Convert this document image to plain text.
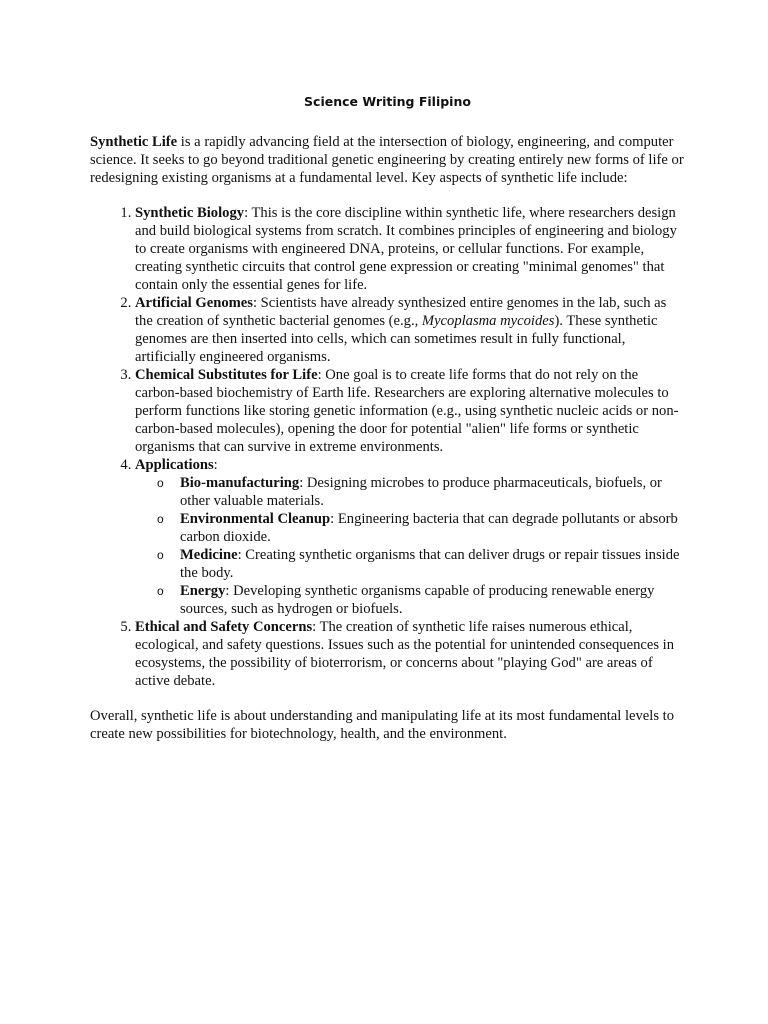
Science Writing Filipino

Synthetic Life is a rapidly advancing field at the intersection of biology, engineering, and computer science. It seeks to go beyond traditional genetic engineering by creating entirely new forms of life or redesigning existing organisms at a fundamental level. Key aspects of synthetic life include:

1. Synthetic Biology: This is the core discipline within synthetic life, where researchers design and build biological systems from scratch. It combines principles of engineering and biology to create organisms with engineered DNA, proteins, or cellular functions. For example, creating synthetic circuits that control gene expression or creating "minimal genomes" that contain only the essential genes for life.
2. Artificial Genomes: Scientists have already synthesized entire genomes in the lab, such as the creation of synthetic bacterial genomes (e.g., Mycoplasma mycoides). These synthetic genomes are then inserted into cells, which can sometimes result in fully functional, artificially engineered organisms.
3. Chemical Substitutes for Life: One goal is to create life forms that do not rely on the carbon-based biochemistry of Earth life. Researchers are exploring alternative molecules to perform functions like storing genetic information (e.g., using synthetic nucleic acids or non-carbon-based molecules), opening the door for potential "alien" life forms or synthetic organisms that can survive in extreme environments.
4. Applications:
o Bio-manufacturing: Designing microbes to produce pharmaceuticals, biofuels, or other valuable materials.
o Environmental Cleanup: Engineering bacteria that can degrade pollutants or absorb carbon dioxide.
o Medicine: Creating synthetic organisms that can deliver drugs or repair tissues inside the body.
o Energy: Developing synthetic organisms capable of producing renewable energy sources, such as hydrogen or biofuels.
5. Ethical and Safety Concerns: The creation of synthetic life raises numerous ethical, ecological, and safety questions. Issues such as the potential for unintended consequences in ecosystems, the possibility of bioterrorism, or concerns about "playing God" are areas of active debate.

Overall, synthetic life is about understanding and manipulating life at its most fundamental levels to create new possibilities for biotechnology, health, and the environment.
